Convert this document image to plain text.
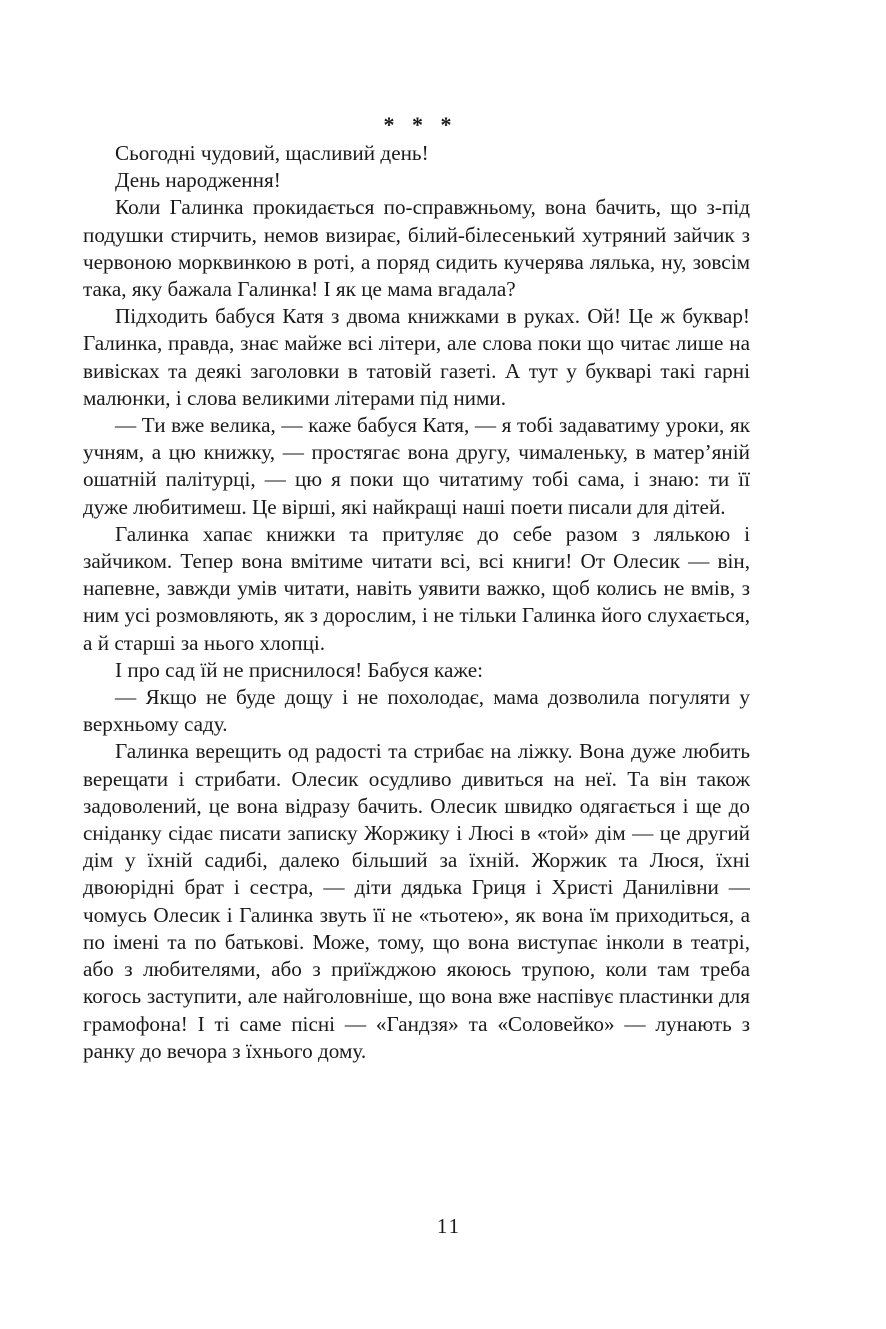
* * *

Сьогодні чудовий, щасливий день!

День народження!

Коли Галинка прокидається по-справжньому, вона бачить, що з-під подушки стирчить, немов визирає, білий-білесенький хутряний зайчик з червоною морквинкою в роті, а поряд сидить кучерява лялька, ну, зовсім така, яку бажала Галинка! І як це мама вгадала?

Підходить бабуся Катя з двома книжками в руках. Ой! Це ж буквар! Галинка, правда, знає майже всі літери, але слова поки що читає лише на вивісках та деякі заголовки в татовій газеті. А тут у букварі такі гарні малюнки, і слова великими літерами під ними.

— Ти вже велика, — каже бабуся Катя, — я тобі задаватиму уроки, як учням, а цю книжку, — простягає вона другу, чималеньку, в матер’яній ошатній палітурці, — цю я поки що читатиму тобі сама, і знаю: ти її дуже любитимеш. Це вірші, які найкращі наші поети писали для дітей.

Галинка хапає книжки та притуляє до себе разом з лялькою і зайчиком. Тепер вона вмітиме читати всі, всі книги! От Олесик — він, напевне, завжди умів читати, навіть уявити важко, щоб колись не вмів, з ним усі розмовляють, як з дорослим, і не тільки Галинка його слухається, а й старші за нього хлопці.

І про сад їй не приснилося! Бабуся каже:

— Якщо не буде дощу і не похолодає, мама дозволила погуляти у верхньому саду.

Галинка верещить од радості та стрибає на ліжку. Вона дуже любить верещати і стрибати. Олесик осудливо дивиться на неї. Та він також задоволений, це вона відразу бачить. Олесик швидко одягається і ще до сніданку сідає писати записку Жоржику і Люсі в «той» дім — це другий дім у їхній садибі, далеко більший за їхній. Жоржик та Люся, їхні двоюрідні брат і сестра, — діти дядька Гриця і Христі Данилівни — чомусь Олесик і Галинка звуть її не «тьотею», як вона їм приходиться, а по імені та по батькові. Може, тому, що вона виступає інколи в театрі, або з любителями, або з приїжджою якоюсь трупою, коли там треба когось заступити, але найголовніше, що вона вже наспівує пластинки для грамофона! І ті саме пісні — «Гандзя» та «Соловейко» — лунають з ранку до вечора з їхнього дому.

11
